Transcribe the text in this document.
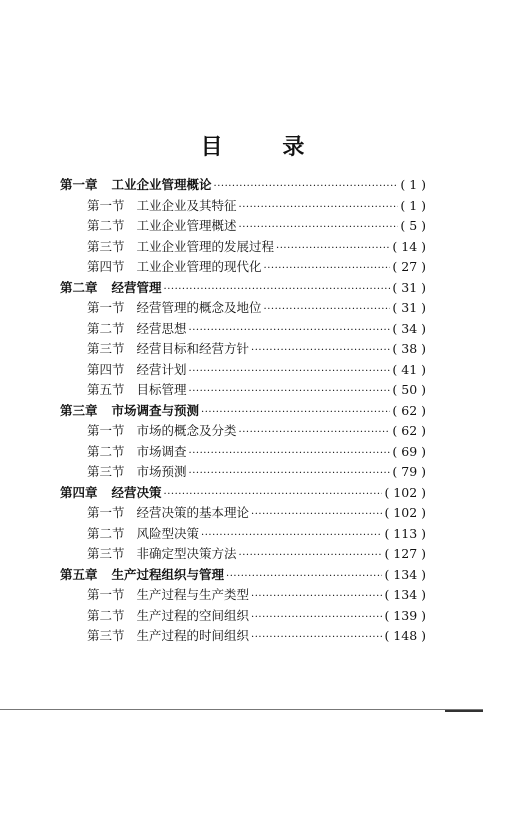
目 录
第一章 工业企业管理概论 ·····	( 1 )
第一节 工业企业及其特征 ·····	( 1 )
第二节 工业企业管理概述 ·····	( 5 )
第三节 工业企业管理的发展过程 ·····	( 14 )
第四节 工业企业管理的现代化 ·····	( 27 )
第二章 经营管理 ·····	( 31 )
第一节 经营管理的概念及地位 ·····	( 31 )
第二节 经营思想 ·····	( 34 )
第三节 经营目标和经营方针 ·····	( 38 )
第四节 经营计划 ·····	( 41 )
第五节 目标管理 ·····	( 50 )
第三章 市场调查与预测 ·····	( 62 )
第一节 市场的概念及分类 ·····	( 62 )
第二节 市场调查 ·····	( 69 )
第三节 市场预测 ·····	( 79 )
第四章 经营决策 ·····	( 102 )
第一节 经营决策的基本理论 ·····	( 102 )
第二节 风险型决策 ·····	( 113 )
第三节 非确定型决策方法 ·····	( 127 )
第五章 生产过程组织与管理 ·····	( 134 )
第一节 生产过程与生产类型 ·····	( 134 )
第二节 生产过程的空间组织 ·····	( 139 )
第三节 生产过程的时间组织 ·····	( 148 )
